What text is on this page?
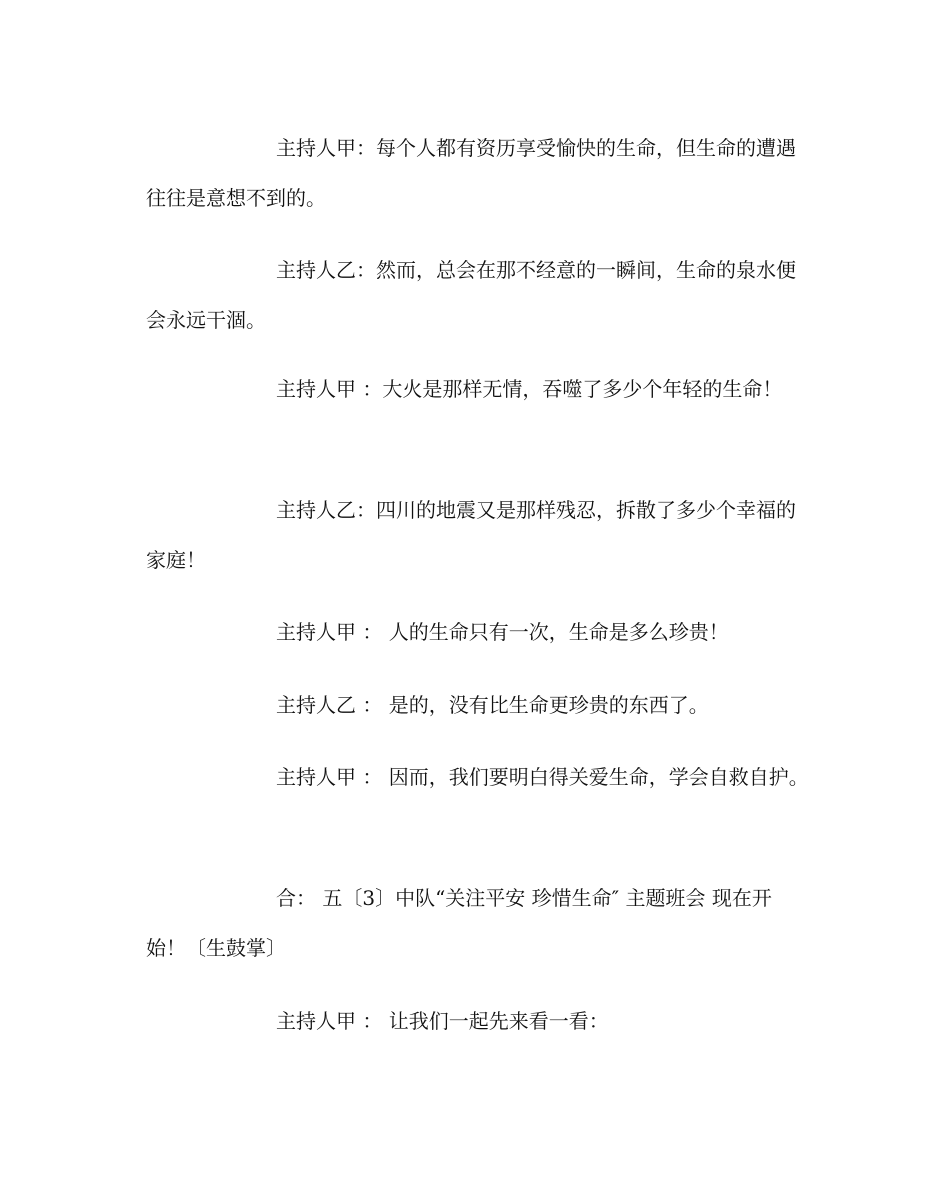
主持人甲：每个人都有资历享受愉快的生命，但生命的遭遇往往是意想不到的。
主持人乙：然而，总会在那不经意的一瞬间，生命的泉水便会永远干涸。
主持人甲 ：大火是那样无情，吞噬了多少个年轻的生命！
主持人乙：四川的地震又是那样残忍，拆散了多少个幸福的家庭！
主持人甲 ： 人的生命只有一次，生命是多么珍贵！
主持人乙 ： 是的，没有比生命更珍贵的东西了。
主持人甲 ： 因而，我们要明白得关爱生命，学会自救自护。
合： 五〔3〕中队“关注平安 珍惜生命″ 主题班会 现在开始！〔生鼓掌〕
主持人甲 ： 让我们一起先来看一看：
